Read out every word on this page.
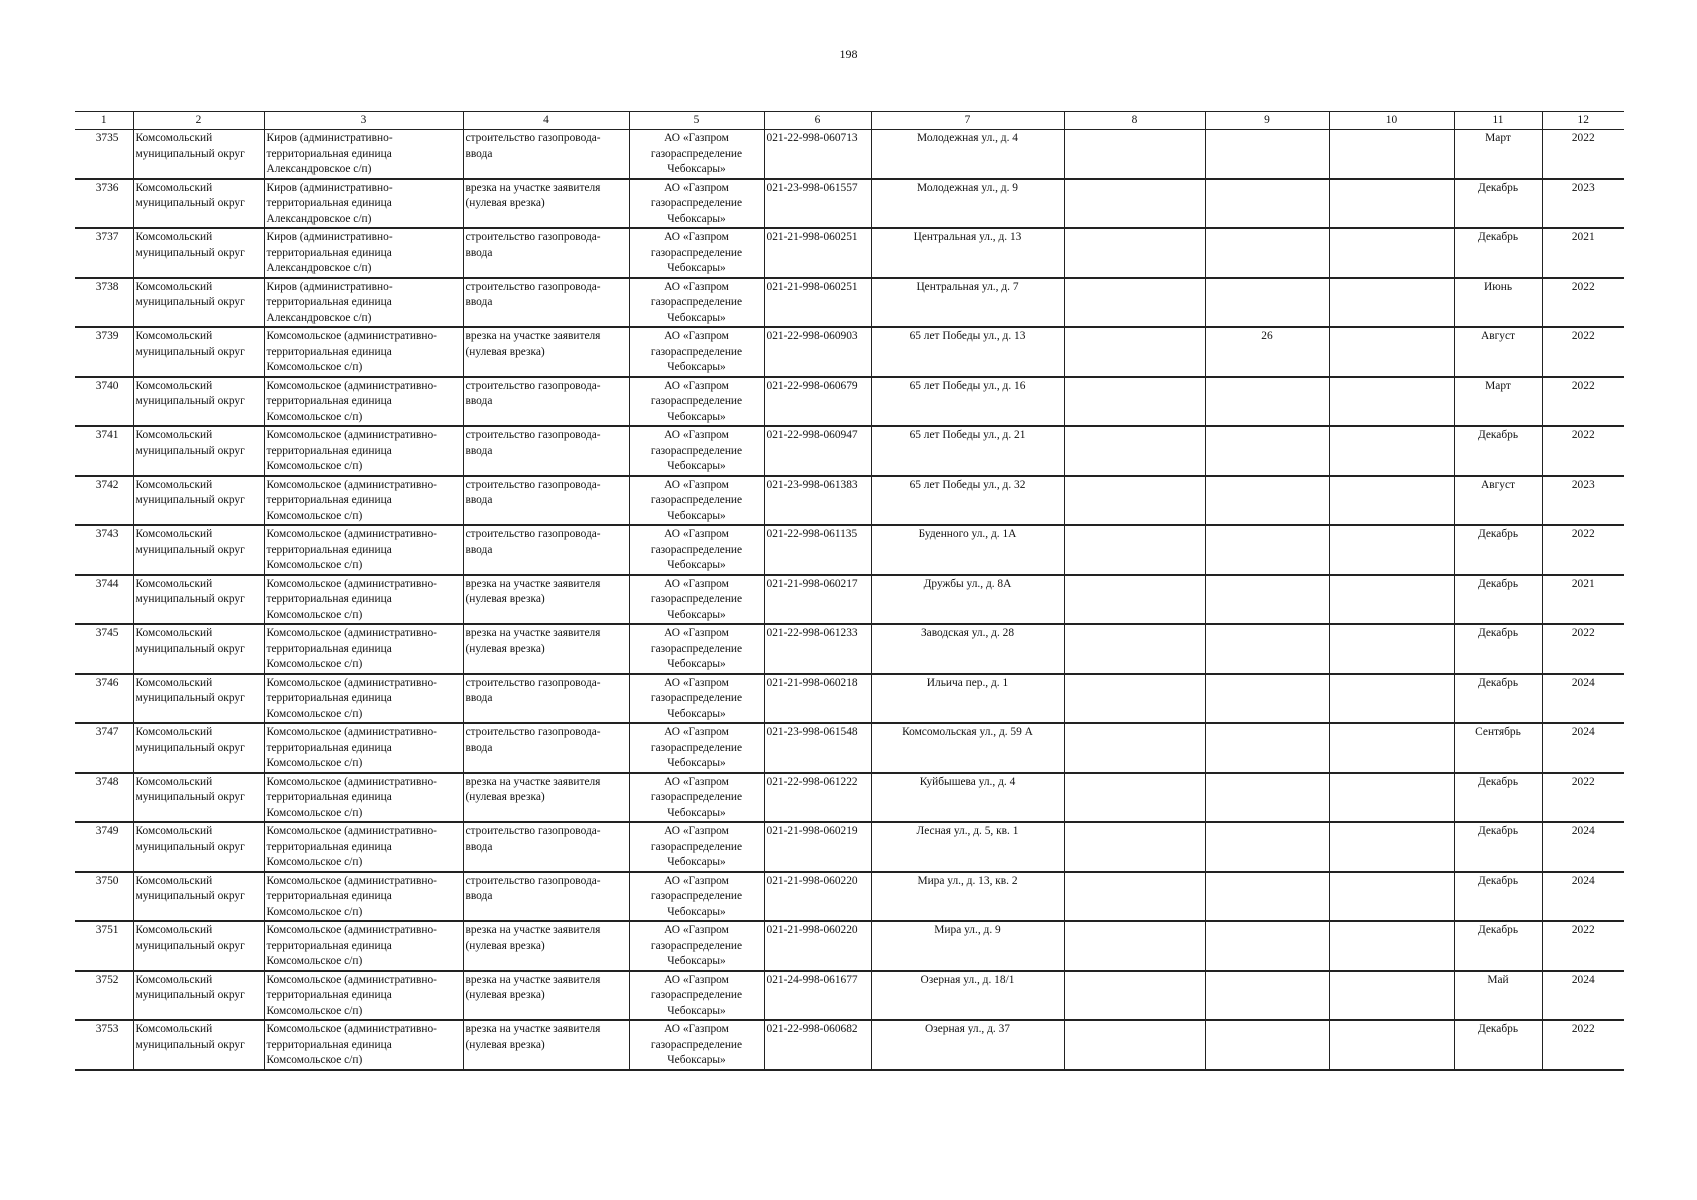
198
1	2	3	4	5	6	7	8	9	10	11	12
3735	Комсомольский
муниципальный округ	Киров (административно-
территориальная единица
Александровское с/п)	строительство газопровода-
ввода	АО «Газпром
газораспределение
Чебоксары»	021-22-998-060713	Молодежная ул., д. 4				Март	2022
3736	Комсомольский
муниципальный округ	Киров (административно-
территориальная единица
Александровское с/п)	врезка на участке заявителя
(нулевая врезка)	АО «Газпром
газораспределение
Чебоксары»	021-23-998-061557	Молодежная ул., д. 9				Декабрь	2023
3737	Комсомольский
муниципальный округ	Киров (административно-
территориальная единица
Александровское с/п)	строительство газопровода-
ввода	АО «Газпром
газораспределение
Чебоксары»	021-21-998-060251	Центральная ул., д. 13				Декабрь	2021
3738	Комсомольский
муниципальный округ	Киров (административно-
территориальная единица
Александровское с/п)	строительство газопровода-
ввода	АО «Газпром
газораспределение
Чебоксары»	021-21-998-060251	Центральная ул., д. 7				Июнь	2022
3739	Комсомольский
муниципальный округ	Комсомольское (административно-
территориальная единица
Комсомольское с/п)	врезка на участке заявителя
(нулевая врезка)	АО «Газпром
газораспределение
Чебоксары»	021-22-998-060903	65 лет Победы ул., д. 13		26		Август	2022
3740	Комсомольский
муниципальный округ	Комсомольское (административно-
территориальная единица
Комсомольское с/п)	строительство газопровода-
ввода	АО «Газпром
газораспределение
Чебоксары»	021-22-998-060679	65 лет Победы ул., д. 16				Март	2022
3741	Комсомольский
муниципальный округ	Комсомольское (административно-
территориальная единица
Комсомольское с/п)	строительство газопровода-
ввода	АО «Газпром
газораспределение
Чебоксары»	021-22-998-060947	65 лет Победы ул., д. 21				Декабрь	2022
3742	Комсомольский
муниципальный округ	Комсомольское (административно-
территориальная единица
Комсомольское с/п)	строительство газопровода-
ввода	АО «Газпром
газораспределение
Чебоксары»	021-23-998-061383	65 лет Победы ул., д. 32				Август	2023
3743	Комсомольский
муниципальный округ	Комсомольское (административно-
территориальная единица
Комсомольское с/п)	строительство газопровода-
ввода	АО «Газпром
газораспределение
Чебоксары»	021-22-998-061135	Буденного ул., д. 1А				Декабрь	2022
3744	Комсомольский
муниципальный округ	Комсомольское (административно-
территориальная единица
Комсомольское с/п)	врезка на участке заявителя
(нулевая врезка)	АО «Газпром
газораспределение
Чебоксары»	021-21-998-060217	Дружбы ул., д. 8А				Декабрь	2021
3745	Комсомольский
муниципальный округ	Комсомольское (административно-
территориальная единица
Комсомольское с/п)	врезка на участке заявителя
(нулевая врезка)	АО «Газпром
газораспределение
Чебоксары»	021-22-998-061233	Заводская ул., д. 28				Декабрь	2022
3746	Комсомольский
муниципальный округ	Комсомольское (административно-
территориальная единица
Комсомольское с/п)	строительство газопровода-
ввода	АО «Газпром
газораспределение
Чебоксары»	021-21-998-060218	Ильича пер., д. 1				Декабрь	2024
3747	Комсомольский
муниципальный округ	Комсомольское (административно-
территориальная единица
Комсомольское с/п)	строительство газопровода-
ввода	АО «Газпром
газораспределение
Чебоксары»	021-23-998-061548	Комсомольская ул., д. 59 А				Сентябрь	2024
3748	Комсомольский
муниципальный округ	Комсомольское (административно-
территориальная единица
Комсомольское с/п)	врезка на участке заявителя
(нулевая врезка)	АО «Газпром
газораспределение
Чебоксары»	021-22-998-061222	Куйбышева ул., д. 4				Декабрь	2022
3749	Комсомольский
муниципальный округ	Комсомольское (административно-
территориальная единица
Комсомольское с/п)	строительство газопровода-
ввода	АО «Газпром
газораспределение
Чебоксары»	021-21-998-060219	Лесная ул., д. 5, кв. 1				Декабрь	2024
3750	Комсомольский
муниципальный округ	Комсомольское (административно-
территориальная единица
Комсомольское с/п)	строительство газопровода-
ввода	АО «Газпром
газораспределение
Чебоксары»	021-21-998-060220	Мира ул., д. 13, кв. 2				Декабрь	2024
3751	Комсомольский
муниципальный округ	Комсомольское (административно-
территориальная единица
Комсомольское с/п)	врезка на участке заявителя
(нулевая врезка)	АО «Газпром
газораспределение
Чебоксары»	021-21-998-060220	Мира ул., д. 9				Декабрь	2022
3752	Комсомольский
муниципальный округ	Комсомольское (административно-
территориальная единица
Комсомольское с/п)	врезка на участке заявителя
(нулевая врезка)	АО «Газпром
газораспределение
Чебоксары»	021-24-998-061677	Озерная ул., д. 18/1				Май	2024
3753	Комсомольский
муниципальный округ	Комсомольское (административно-
территориальная единица
Комсомольское с/п)	врезка на участке заявителя
(нулевая врезка)	АО «Газпром
газораспределение
Чебоксары»	021-22-998-060682	Озерная ул., д. 37				Декабрь	2022
